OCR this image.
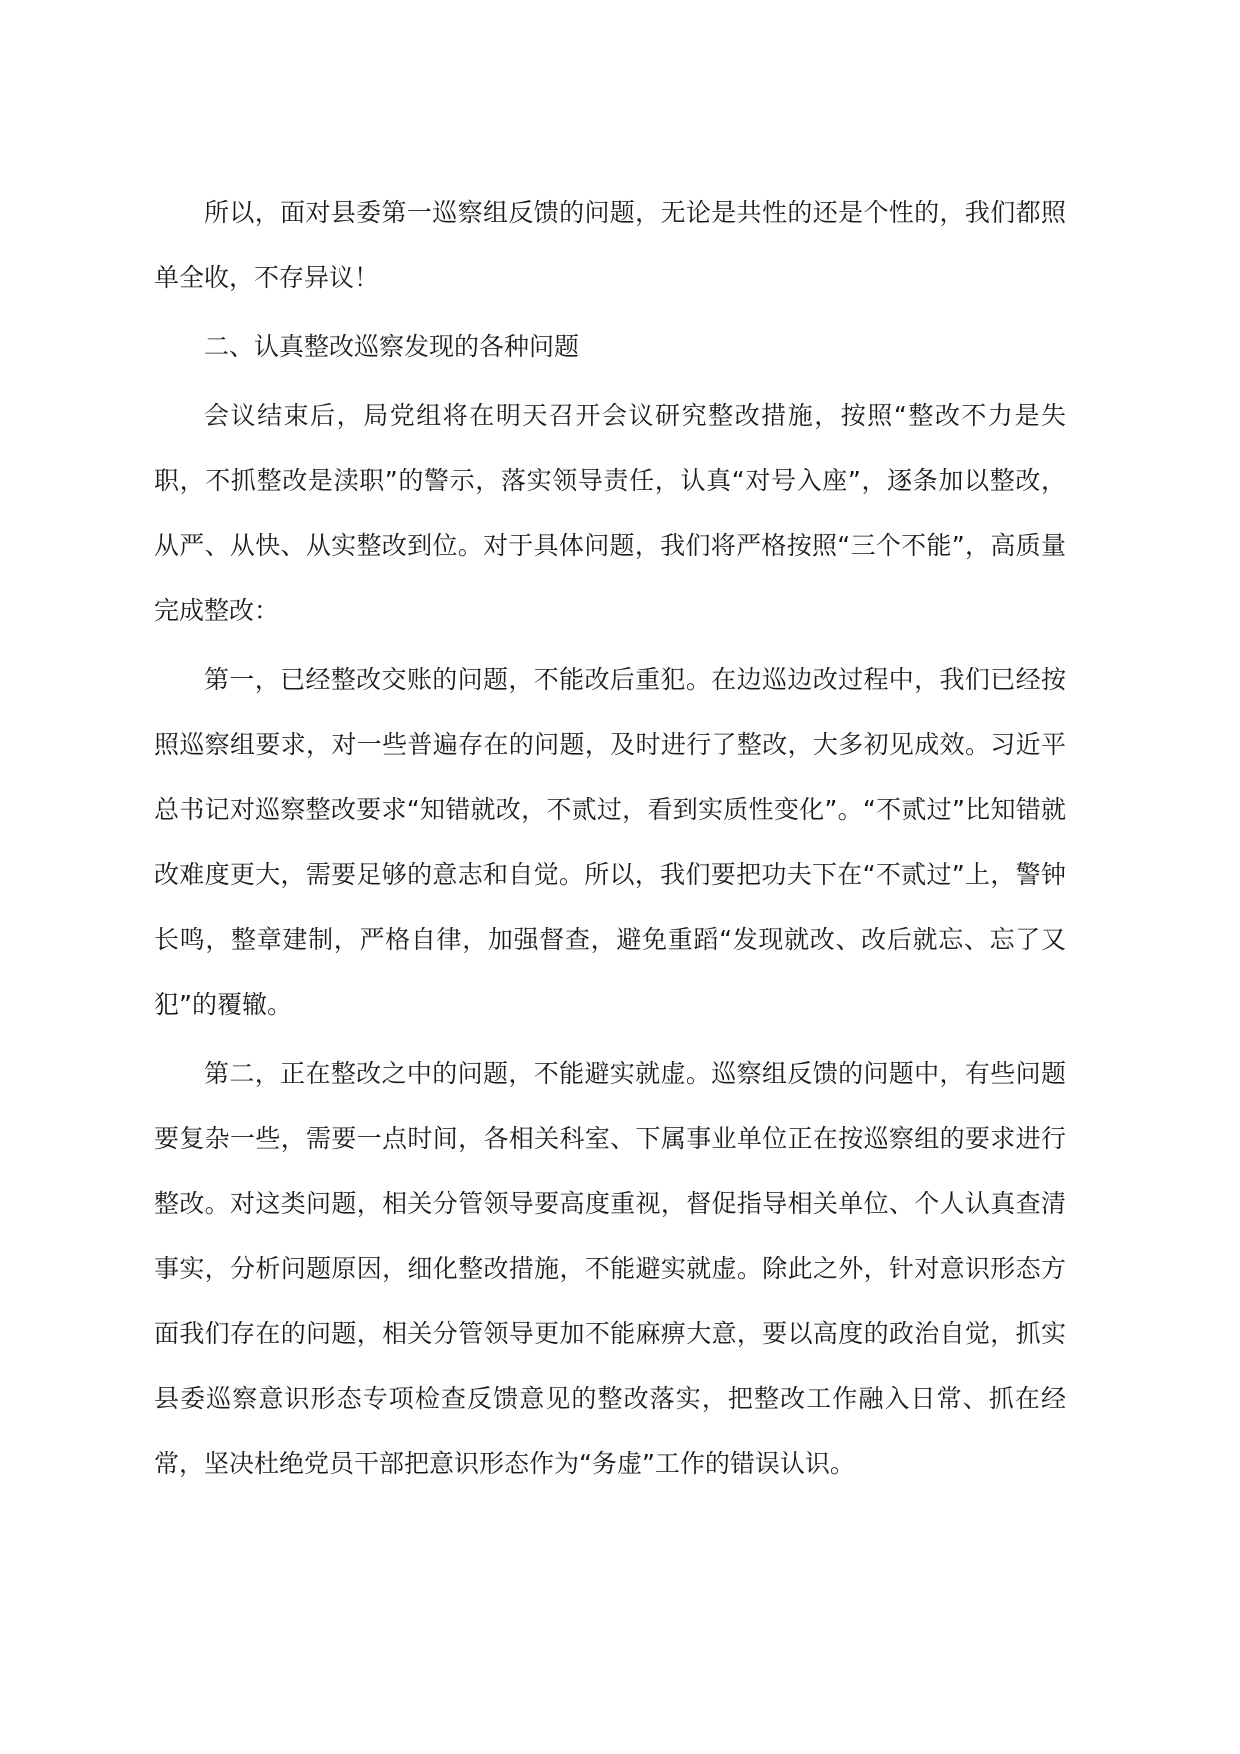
所以，面对县委第一巡察组反馈的问题，无论是共性的还是个性的，我们都照单全收，不存异议！

二、认真整改巡察发现的各种问题

会议结束后，局党组将在明天召开会议研究整改措施，按照“整改不力是失职，不抓整改是渎职”的警示，落实领导责任，认真“对号入座”，逐条加以整改，从严、从快、从实整改到位。对于具体问题，我们将严格按照“三个不能”，高质量完成整改：

第一，已经整改交账的问题，不能改后重犯。在边巡边改过程中，我们已经按照巡察组要求，对一些普遍存在的问题，及时进行了整改，大多初见成效。习近平总书记对巡察整改要求“知错就改，不贰过，看到实质性变化”。“不贰过”比知错就改难度更大，需要足够的意志和自觉。所以，我们要把功夫下在“不贰过”上，警钟长鸣，整章建制，严格自律，加强督查，避免重蹈“发现就改、改后就忘、忘了又犯”的覆辙。

第二，正在整改之中的问题，不能避实就虚。巡察组反馈的问题中，有些问题要复杂一些，需要一点时间，各相关科室、下属事业单位正在按巡察组的要求进行整改。对这类问题，相关分管领导要高度重视，督促指导相关单位、个人认真查清事实，分析问题原因，细化整改措施，不能避实就虚。除此之外，针对意识形态方面我们存在的问题，相关分管领导更加不能麻痹大意，要以高度的政治自觉，抓实县委巡察意识形态专项检查反馈意见的整改落实，把整改工作融入日常、抓在经常，坚决杜绝党员干部把意识形态作为“务虚”工作的错误认识。
